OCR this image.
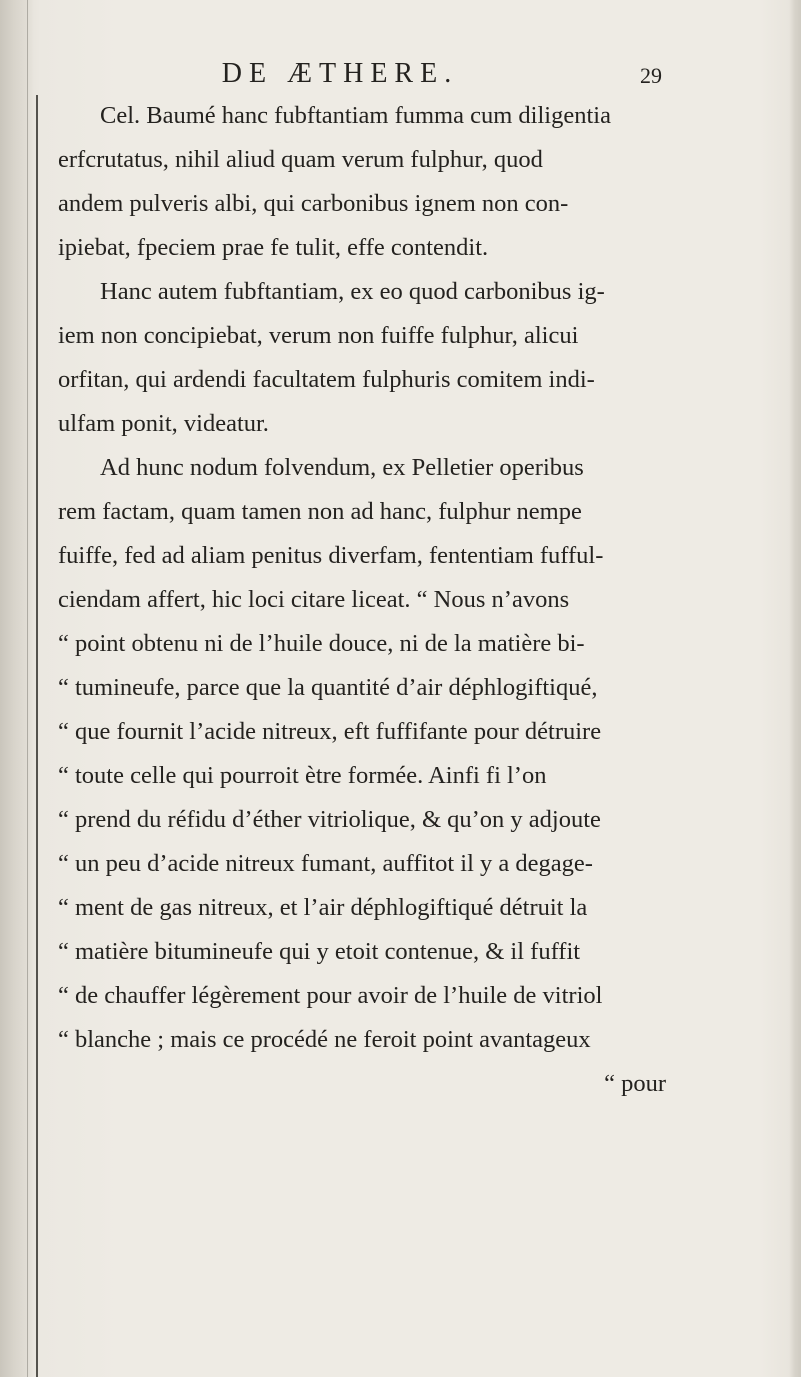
DE ÆTHERE.	29
Cel. Baumé hanc fubftantiam fumma cum diligentia
erfcrutatus, nihil aliud quam verum fulphur, quod
andem pulveris albi, qui carbonibus ignem non con-
ipiebat, fpeciem prae fe tulit, effe contendit.
Hanc autem fubftantiam, ex eo quod carbonibus ig-
iem non concipiebat, verum non fuiffe fulphur, alicui
orfitan, qui ardendi facultatem fulphuris comitem indi-
ulfam ponit, videatur.
Ad hunc nodum folvendum, ex Pelletier operibus
rem factam, quam tamen non ad hanc, fulphur nempe
fuiffe, fed ad aliam penitus diverfam, fententiam fufful-
ciendam affert, hic loci citare liceat. “ Nous n’avons
“ point obtenu ni de l’huile douce, ni de la matière bi-
“ tumineufe, parce que la quantité d’air déphlogiftiqué,
“ que fournit l’acide nitreux, eft fuffifante pour détruire
“ toute celle qui pourroit ètre formée. Ainfi fi l’on
“ prend du réfidu d’éther vitriolique, & qu’on y adjoute
“ un peu d’acide nitreux fumant, auffitot il y a degage-
“ ment de gas nitreux, et l’air déphlogiftiqué détruit la
“ matière bitumineufe qui y etoit contenue, & il fuffit
“ de chauffer légèrement pour avoir de l’huile de vitriol
“ blanche ; mais ce procédé ne feroit point avantageux
“ pour
